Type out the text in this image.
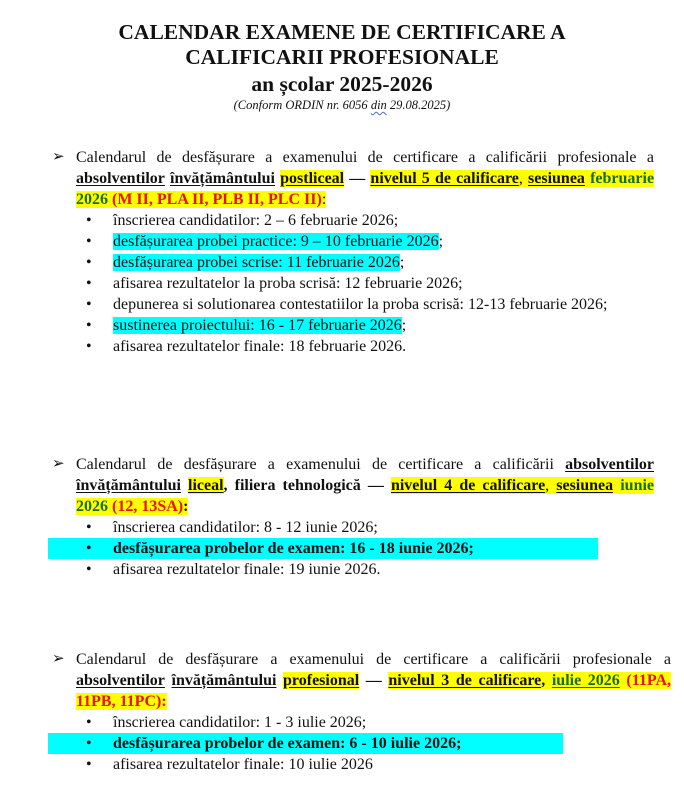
CALENDAR EXAMENE DE CERTIFICARE A

CALIFICARII PROFESIONALE

an școlar 2025-2026

(Conform ORDIN nr. 6056 din 29.08.2025)

➢ Calendarul de desfășurare a examenului de certificare a calificării profesionale a absolventilor învățământului postliceal — nivelul 5 de calificare, sesiunea februarie 2026 (M II, PLA II, PLB II, PLC II):
• înscrierea candidatilor: 2 – 6 februarie 2026;
• desfășurarea probei practice: 9 – 10 februarie 2026;
• desfășurarea probei scrise: 11 februarie 2026;
• afisarea rezultatelor la proba scrisă: 12 februarie 2026;
• depunerea si solutionarea contestatiilor la proba scrisă: 12-13 februarie 2026;
• sustinerea proiectului: 16 - 17 februarie 2026;
• afisarea rezultatelor finale: 18 februarie 2026.
➢ Calendarul de desfășurare a examenului de certificare a calificării absolventilor învățământului liceal, filiera tehnologică — nivelul 4 de calificare, sesiunea iunie 2026 (12, 13SA):
• înscrierea candidatilor: 8 - 12 iunie 2026;
• desfășurarea probelor de examen: 16 - 18 iunie 2026;
• afisarea rezultatelor finale: 19 iunie 2026.
➢ Calendarul de desfășurare a examenului de certificare a calificării profesionale a absolventilor învățământului profesional — nivelul 3 de calificare, iulie 2026 (11PA, 11PB, 11PC):
• înscrierea candidatilor: 1 - 3 iulie 2026;
• desfășurarea probelor de examen: 6 - 10 iulie 2026;
• afisarea rezultatelor finale: 10 iulie 2026
